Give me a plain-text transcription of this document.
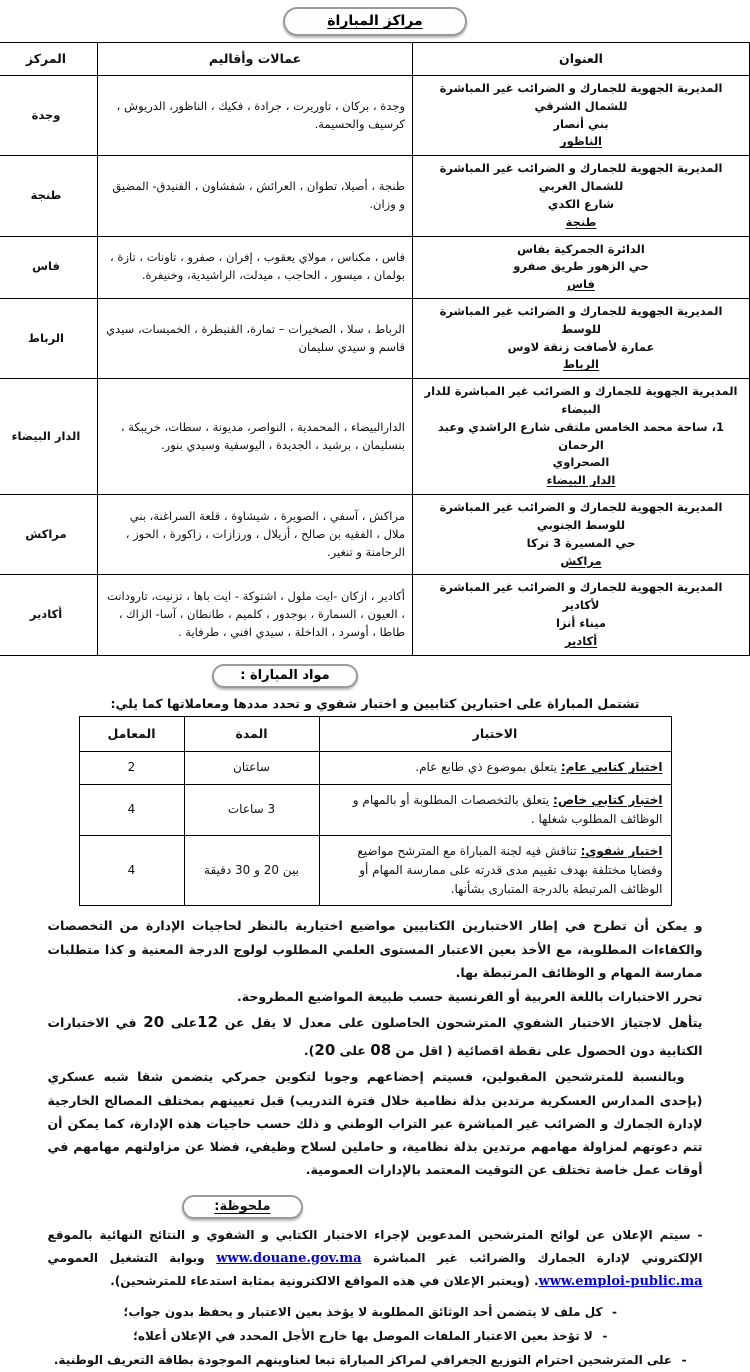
مراكز المباراة
العنوان	عمالات وأقاليم	المركز

المديرية الجهوية للجمارك و الضرائب غير المباشرة للشمال الشرقي
بني أنصار
الناظور	وجدة ، بركان ، تاوريرت ، جرادة ، فكيك ، الناظور، الدريوش ، كرسيف والحسيمة.	وجدة

المديرية الجهوية للجمارك و الضرائب غير المباشرة للشمال الغربي
شارع الكدي
طنجة	طنجة ، أصيلا، تطوان ، العرائش ، شفشاون ، الفنيدق- المضيق و وزان.	طنجة

الدائرة الجمركية بفاس
حي الزهور طريق صفرو
فاس	فاس ، مكناس ، مولاي يعقوب ، إفران ، صفرو ، تاونات ، تازة ، بولمان ، ميسور ، الحاجب ، ميدلت، الراشيدية، وخنيفرة.	فاس

المديرية الجهوية للجمارك و الضرائب غير المباشرة للوسط
عمارة لأصافت زنقة لاوس
الرباط	الرباط ، سلا ، الصخيرات – تمارة، القنيطرة ، الخميسات، سيدي قاسم و سيدي سليمان	الرباط

المديرية الجهوية للجمارك و الضرائب غير المباشرة للدار البيضاء
1، ساحة محمد الخامس ملتقى شارع الراشدي وعبد الرحمان
الصحراوي
الدار البيضاء	الدارالبيضاء ، المحمدية ، النواصر، مديونة ، سطات، خريبكة ، بنسليمان ، برشيد ، الجديدة ، اليوسفية وسيدي بنور.	الدار البيضاء

المديرية الجهوية للجمارك و الضرائب غير المباشرة للوسط الجنوبي
حي المسيرة 3 تركا
مراكش	مراكش ، آسفي ، الصويرة ، شيشاوة ، قلعة السراغنة، بني ملال ، الفقيه بن صالح ، أزيلال ، ورزازات ، زاكورة ، الحوز ، الرحامنة و تنغير.	مراكش

المديرية الجهوية للجمارك و الضرائب غير المباشرة لأكادير
ميناء أنزا
أكادير	أكادير ، ازكان -ايت ملول ، اشتوكة - ايت باها ، تزنيت، تارودانت ، العيون ، السمارة ، بوجدور ، كلميم ، طانطان ، آسا- الزاك ، طاطا ، أوسرد ، الداخلة ، سيدي افني ، طرفاية .	أكادير
مواد المباراة :
تشتمل المباراة على اختبارين كتابيين و اختبار شفوي و تحدد مددها ومعاملاتها كما يلي:
الاختبار	المدة	المعامل
اختبار كتابي عام: يتعلق بموضوع ذي طابع عام.	ساعتان	2
اختبار كتابي خاص: يتعلق بالتخصصات المطلوبة أو بالمهام و الوظائف المطلوب شغلها .	3 ساعات	4
اختبار شفوي: تناقش فيه لجنة المباراة مع المترشح مواضيع وقضايا مختلفة بهدف تقييم مدى قدرته على ممارسة المهام أو الوظائف المرتبطة بالدرجة المتبارى بشأنها.	بين 20 و 30 دقيقة	4

و يمكن أن تطرح في إطار الاختبارين الكتابيين مواضيع اختيارية بالنظر لحاجيات الإدارة من التخصصات والكفاءات المطلوبة، مع الأخذ بعين الاعتبار المستوى العلمي المطلوب لولوج الدرجة المعنية و كذا متطلبات ممارسة المهام و الوظائف المرتبطة بها.

تحرر الاختبارات باللغة العربية أو الفرنسية حسب طبيعة المواضيع المطروحة.

يتأهل لاجتياز الاختبار الشفوي المترشحون الحاصلون على معدل لا يقل عن 12على 20 في الاختبارات الكتابية دون الحصول على نقطة اقصائية ( اقل من 08 على 20).

وبالنسبة للمترشحين المقبولين، فسيتم إخضاعهم وجوبا لتكوين جمركي يتضمن شقا شبه عسكري (بإحدى المدارس العسكرية مرتدين بذلة نظامية خلال فترة التدريب) قبل تعيينهم بمختلف المصالح الخارجية لإدارة الجمارك و الضرائب غير المباشرة عبر التراب الوطني و ذلك حسب حاجيات هذه الإدارة، كما يمكن أن تتم دعوتهم لمزاولة مهامهم مرتدين بذلة نظامية، و حاملين لسلاح وظيفي، فضلا عن مزاولتهم مهامهم في أوقات عمل خاصة تختلف عن التوقيت المعتمد بالإدارات العمومية.

ملحوظة:

- سيتم الإعلان عن لوائح المترشحين المدعوين لإجراء الاختبار الكتابي و الشفوي و النتائج النهائية بالموقع الإلكتروني لإدارة الجمارك والضرائب غير المباشرة www.douane.gov.ma وبوابة التشغيل العمومي www.emploi-public.ma. (ويعتبر الإعلان في هذه المواقع الالكترونية بمثابة استدعاء للمترشحين).

-كل ملف لا يتضمن أحد الوثائق المطلوبة لا يؤخذ بعين الاعتبار و يحفظ بدون جواب؛
-لا تؤخذ بعين الاعتبار الملفات الموصل بها خارج الأجل المحدد في الإعلان أعلاه؛
-على المترشحين احترام التوزيع الجغرافي لمراكز المباراة تبعا لعناوينهم الموجودة بطاقة التعريف الوطنية.
